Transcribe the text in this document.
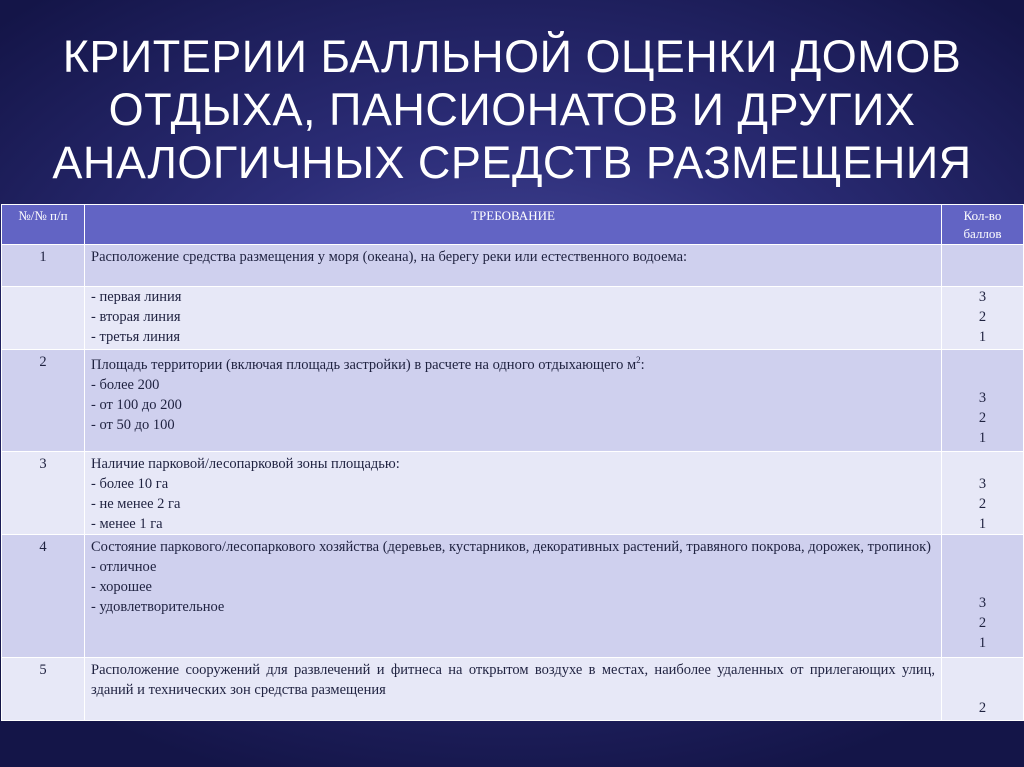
КРИТЕРИИ БАЛЛЬНОЙ ОЦЕНКИ ДОМОВ
ОТДЫХА, ПАНСИОНАТОВ И ДРУГИХ
АНАЛОГИЧНЫХ СРЕДСТВ РАЗМЕЩЕНИЯ
№/№ п/п	ТРЕБОВАНИЕ	Кол-во
баллов

1	Расположение средства размещения у моря (океана), на берегу реки или естественного водоема:	

	- первая линия
- вторая линия
- третья линия	3
2
1

2	Площадь территории (включая площадь застройки) в расчете на одного отдыхающего $м^2$:
- более 200
- от 100 до 200
- от 50 до 100	3
2
1

3	Наличие парковой/лесопарковой зоны площадью:
- более 10 га
- не менее 2 га
- менее 1 га	3
2
1

4	Состояние паркового/лесопаркового хозяйства (деревьев, кустарников, декоративных растений, травяного покрова, дорожек, тропинок)
- отличное
- хорошее
- удовлетворительное	3
2
1

5	Расположение сооружений для развлечений и фитнеса на открытом воздухе в местах, наиболее удаленных от прилегающих улиц, зданий и технических зон средства размещения	2
